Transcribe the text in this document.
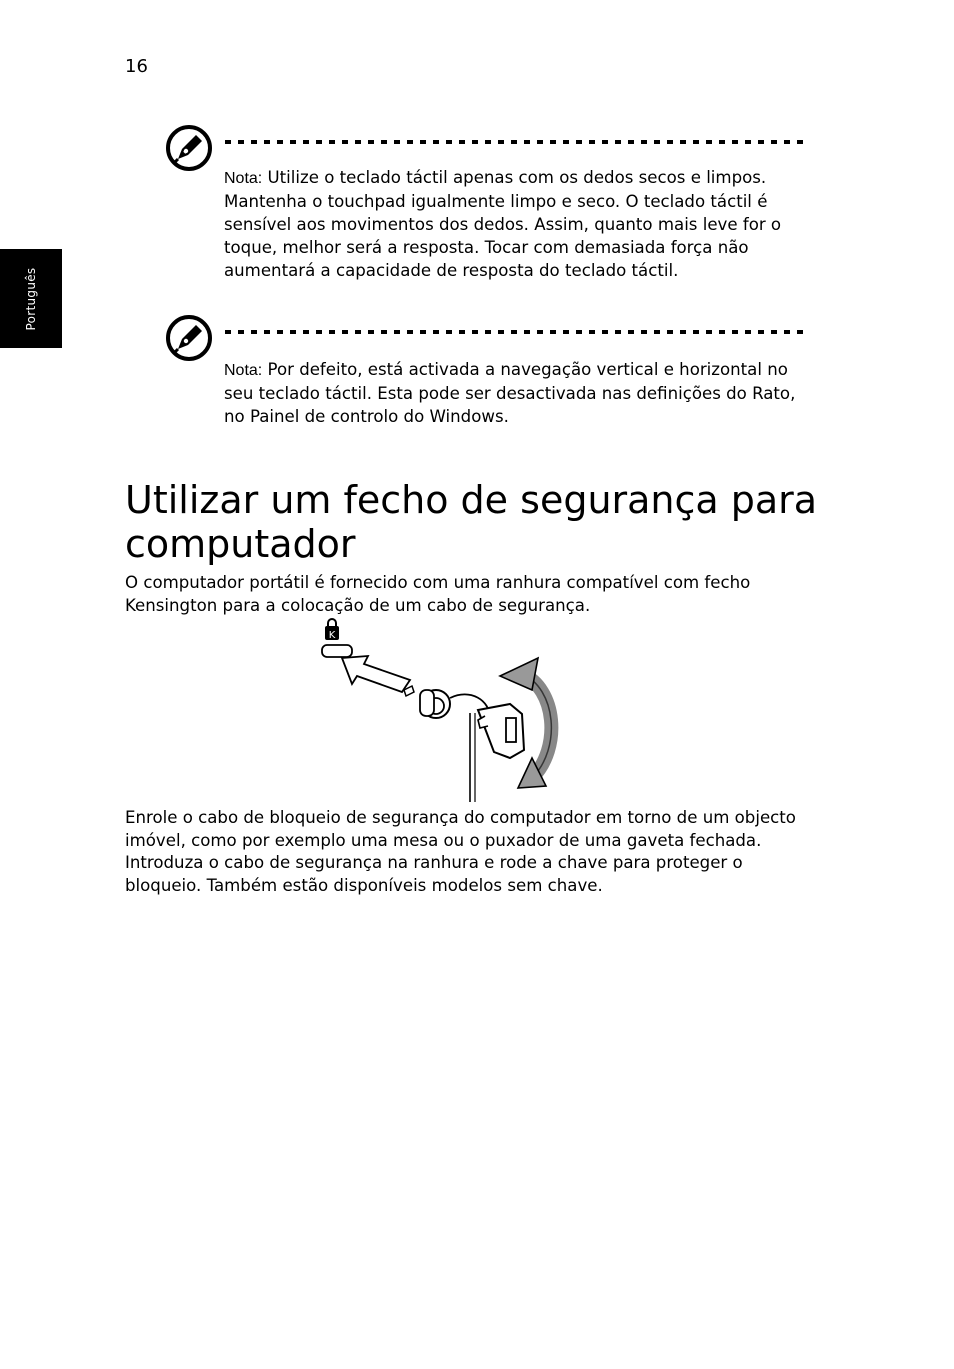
16
Português
Nota: Utilize o teclado táctil apenas com os dedos secos e limpos. Mantenha o touchpad igualmente limpo e seco. O teclado táctil é sensível aos movimentos dos dedos. Assim, quanto mais leve for o toque, melhor será a resposta. Tocar com demasiada força não aumentará a capacidade de resposta do teclado táctil.
Nota: Por defeito, está activada a navegação vertical e horizontal no seu teclado táctil. Esta pode ser desactivada nas definições do Rato, no Painel de controlo do Windows.
Utilizar um fecho de segurança para computador

O computador portátil é fornecido com uma ranhura compatível com fecho Kensington para a colocação de um cabo de segurança.

K

Enrole o cabo de bloqueio de segurança do computador em torno de um objecto imóvel, como por exemplo uma mesa ou o puxador de uma gaveta fechada. Introduza o cabo de segurança na ranhura e rode a chave para proteger o bloqueio. Também estão disponíveis modelos sem chave.
